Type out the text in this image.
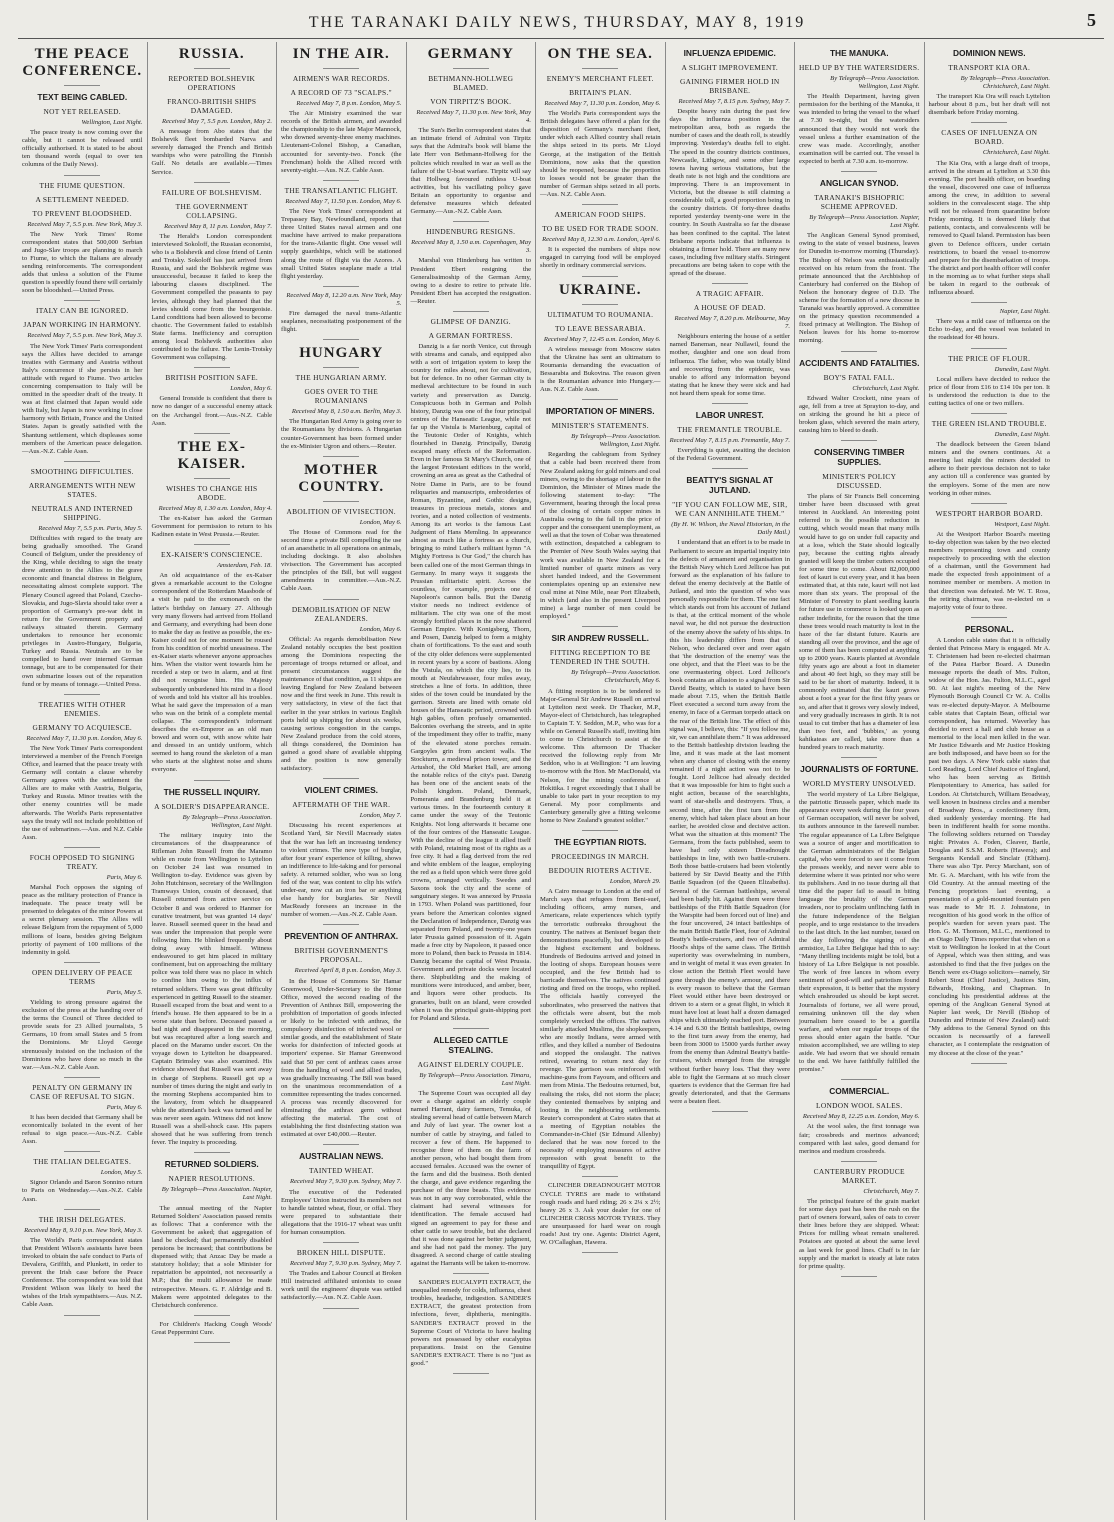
THE TARANAKI DAILY NEWS, THURSDAY, MAY 8, 1919	5
THE PEACE CONFERENCE.
TEXT BEING CABLED.
NOT YET RELEASED.
Wellington, Last Night.

The peace treaty is now coming over the cable, but it cannot be released until officially authorised. It is stated to be about ten thousand words (equal to over ten columns of the Daily News).

THE FIUME QUESTION.
A SETTLEMENT NEEDED.
TO PREVENT BLOODSHED.
Received May 7, 5.5 p.m. New York, May 3.

The New York Times' Rome correspondent states that 500,000 Serbian and Jugo-Slav troops are planning to march to Fiume, to which the Italians are already sending reinforcements. The correspondent adds that unless a solution of the Fiume question is speedily found there will certainly soon be bloodshed.—United Press.

ITALY CAN BE IGNORED.
JAPAN WORKING IN HARMONY.
Received May 7, 5.5 p.m. New York, May 3.

The New York Times' Paris correspondent says the Allies have decided to arrange treaties with Germany and Austria without Italy's concurrence if she persists in her attitude with regard to Fiume. Two articles concerning compensation to Italy will be omitted in the speedier draft of the treaty. It was at first claimed that Japan would side with Italy, but Japan is now working in close harmony with Britain, France and the United States. Japan is greatly satisfied with the Shantung settlement, which displeases some members of the American peace delegation.—Aus.-N.Z. Cable Assn.

SMOOTHING DIFFICULTIES.
ARRANGEMENTS WITH NEW STATES.
NEUTRALS AND INTERNED SHIPPING.
Received May 7, 5.5 p.m. Paris, May 5.

Difficulties with regard to the treaty are being gradually smoothed. The Grand Council of Belgium, under the presidency of the King, while deciding to sign the treaty drew attention to the Allies to the grave economic and financial distress in Belgium, necessitating almost complete support. The Plenary Council agreed that Poland, Czecho-Slovakia, and Jugo-Slavia should take over a proportion of Germany's pre-war debt in return for the Government property and railways situated therein. Germany undertakes to renounce her economic privileges in Austro-Hungary, Bulgaria, Turkey and Russia. Neutrals are to be compelled to hand over interned German tonnage, but are to be compensated for their own submarine losses out of the reparation fund or by means of tonnage.—United Press.

TREATIES WITH OTHER ENEMIES.
GERMANY TO ACQUIESCE.
Received May 7, 11.30 p.m. London, May 6.

The New York Times' Paris correspondent interviewed a member of the French Foreign Office, and learned that the peace treaty with Germany will contain a clause whereby Germany agrees with the settlement the Allies are to make with Austria, Bulgaria, Turkey and Russia. Minor treaties with the other enemy countries will be made afterwards. The World's Paris representative says the treaty will not include prohibition of the use of submarines.—Aus. and N.Z. Cable Assn.

FOCH OPPOSED TO SIGNING TREATY.
Paris, May 6.

Marshal Foch opposes the signing of peace as the military protection of France is inadequate. The peace treaty will be presented to delegates of the minor Powers at a secret plenary session. The Allies will release Belgium from the repayment of 5,000 millions of loans, besides giving Belgium priority of payment of 100 millions of the indemnity in gold.

OPEN DELIVERY OF PEACE TERMS
Paris, May 5.

Yielding to strong pressure against the exclusion of the press at the handing over of the terms the Council of Three decided to provide seats for 23 Allied journalists, 5 Germans, 10 from small States and 5 from the Dominions. Mr Lloyd George strenuously insisted on the inclusion of the Dominions who have done so much in the war.—Aus.-N.Z. Cable Assn.

PENALTY ON GERMANY IN CASE OF REFUSAL TO SIGN.
Paris, May 6.

It has been decided that Germany shall be economically isolated in the event of her refusal to sign peace.—Aus.-N.Z. Cable Assn.

THE ITALIAN DELEGATES.
London, May 5.

Signor Orlando and Baron Sonnino return to Paris on Wednesday.—Aus.-N.Z. Cable Assn.

THE IRISH DELEGATES.
Received May 8, 9.10 p.m. New York, May 3.

The World's Paris correspondent states that President Wilson's assistants have been invoked to obtain the safe conduct to Paris of Devalera, Griffith, and Plunkett, in order to prevent the Irish case before the Peace Conference. The correspondent was told that President Wilson was likely to heed the wishes of the Irish sympathisers.—Aus. N.Z. Cable Assn.

RUSSIA.
REPORTED BOLSHEVIK OPERATIONS
FRANCO-BRITISH SHIPS DAMAGED.
Received May 7, 5.5 p.m. London, May 2.

A message from Abo states that the Bolshevik fleet bombarded Narva and severely damaged the French and British warships who were patrolling the Finnish Gulf. No details are available.—Times Service.

FAILURE OF BOLSHEVISM.
THE GOVERNMENT COLLAPSING.
Received May 8, 11 p.m. London, May 7.

The Herald's London correspondent interviewed Sokoloff, the Russian economist, who is a Bolshevik and close friend of Lenin and Trotsky. Sokoloff has just arrived from Russia, and said the Bolshevik regime was unsuccessful, because it failed to keep the labouring classes disciplined. The Government compelled the peasants to pay levies, although they had planned that the levies should come from the bourgeoisie. Land conditions had been allowed to become chaotic. The Government failed to establish State farms. Inefficiency and corruption among local Bolshevik authorities also contributed to the failure. The Lenin-Trotsky Government was collapsing.

BRITISH POSITION SAFE.
London, May 6.

General Ironside is confident that there is now no danger of a successful enemy attack on the Archangel front.—Aus.-N.Z. Cable Assn.

THE EX-KAISER.
WISHES TO CHANGE HIS ABODE.
Received May 8, 1.30 a.m. London, May 4.

The ex-Kaiser has asked the German Government for permission to return to his Kadinen estate in West Prussia.—Reuter.

EX-KAISER'S CONSCIENCE.
Amsterdam, Feb. 18.

An old acquaintance of the ex-Kaiser gives a remarkable account to the Cologne correspondent of the Rotterdam Maasbode of a visit he paid to the exmonarch on the latter's birthday on January 27. Although very many flowers had arrived from Holland and Germany, and everything had been done to make the day as festive as possible, the ex-Kaiser could not for one moment be roused from his condition of morbid uneasiness. The ex-Kaiser starts whenever anyone approaches him. When the visitor went towards him he receded a step or two in alarm, and at first did not recognise him. His Majesty subsequently unburdened his mind in a flood of words and told his visitor all his troubles. What he said gave the impression of a man who was on the brink of a complete mental collapse. The correspondent's informant describes the ex-Emperor as an old man bowed and worn out, with snow white hair and dressed in an untidy uniform, which seemed to hang round the skeleton of a man who starts at the slightest noise and shuns everyone.

THE RUSSELL INQUIRY.
A SOLDIER'S DISAPPEARANCE.
By Telegraph—Press Association. Wellington, Last Night.

The military inquiry into the circumstances of the disappearance of Rifleman John Russell from the Maramo while en route from Wellington to Lyttelton on October 24 last was resumed in Wellington to-day. Evidence was given by John Hutchinson, secretary of the Wellington Tramways Union, cousin of deceased, that Russell returned from active service on October 8 and was ordered to Hanmer for curative treatment, but was granted 14 days' leave. Russell seemed queer in the head and was under the impression that people were following him. He blinked frequently about doing away with himself. Witness endeavoured to get him placed in military confinement, but on approaching the military police was told there was no place in which to confine him owing to the influx of returned soldiers. There was great difficulty experienced in getting Russell to the steamer. Russell escaped from the boat and went to a friend's house. He then appeared to be in a worse state than before. Deceased passed a bad night and disappeared in the morning, but was recaptured after a long search and placed on the Maramo under escort. On the voyage down to Lyttelton he disappeared. Captain Brimsley was also examined. His evidence showed that Russell was sent away in charge of Stephens. Russell got up a number of times during the night and early in the morning Stephens accompanied him to the lavatory, from which he disappeared while the attendant's back was turned and he was never seen again. Witness did not know Russell was a shell-shock case. His papers showed that he was suffering from trench fever. The inquiry is proceeding.

RETURNED SOLDIERS.
NAPIER RESOLUTIONS.
By Telegraph—Press Association. Napier, Last Night.

The annual meeting of the Napier Returned Soldiers' Association passed remits as follows: That a conference with the Government be asked; that aggregation of land be checked; that permanently disabled pensions be increased; that contributions be dispensed with; that Anzac Day be made a statutory holiday; that a sole Minister for repatriation be appointed, not necessarily a M.P.; that the multi allowance be made retrospective. Messrs. G. F. Aldridge and B. Makem were appointed delegates to the Christchurch conference.

For Children's Hacking Cough Woods' Great Peppermint Cure.

IN THE AIR.
AIRMEN'S WAR RECORDS.
A RECORD OF 73 "SCALPS."
Received May 7, 8 p.m. London, May 5.

The Air Ministry examined the war records of the British airmen, and awarded the championship to the late Major Mannock, who downed seventy-three enemy machines. Lieutenant-Colonel Bishop, a Canadian, accounted for seventy-two. Fonck (the Frenchman) holds the Allied record with seventy-eight.—Aus. N.Z. Cable Assn.

THE TRANSATLANTIC FLIGHT.
Received May 7, 11.50 p.m. London, May 6.

The New York Times' correspondent at Trepassey Bay, Newfoundland, reports that three United States naval airmen and one machine have arrived to make preparations for the trans-Atlantic flight. One vessel will supply guardships, which will be stationed along the route of flight via the Azores. A small United States seaplane made a trial flight yesterday.

Received May 8, 12.20 a.m. New York, May 5.

Fire damaged the naval trans-Atlantic seaplanes, necessitating postponement of the flight.

HUNGARY
THE HUNGARIAN ARMY.
GOES OVER TO THE ROUMANIANS
Received May 8, 1.50 a.m. Berlin, May 3.

The Hungarian Red Army is going over to the Roumanians by divisions. A Hungarian counter-Government has been formed under the ex-Minister Ugron and others.—Reuter.

MOTHER COUNTRY.
ABOLITION OF VIVISECTION.
London, May 6.

The House of Commons read for the second time a private Bill compelling the use of an anaesthetic in all operations on animals, including dockings. It also abolishes vivisection. The Government has accepted the principles of the Bill, but will suggest amendments in committee.—Aus.-N.Z. Cable Assn.

DEMOBILISATION OF NEW ZEALANDERS.
London, May 6.

Official: As regards demobilisation New Zealand notably occupies the best position among the Dominions respecting the percentage of troops returned or afloat, and present circumstances suggest the maintenance of that condition, as 11 ships are leaving England for New Zealand between now and the first week in June. This result is very satisfactory, in view of the fact that earlier in the year strikes in various English ports held up shipping for about six weeks, causing serious congestion in the camps. New Zealand produce from the cold stores, all things considered, the Dominion has gained a good share of available shipping and the position is now generally satisfactory.

VIOLENT CRIMES.
AFTERMATH OF THE WAR.
London, May 7.

Discussing his recent experiences at Scotland Yard, Sir Nevill Macready states that the war has left an increasing tendency to violent crimes. The new type of burglar, after four years' experience of killing, shows an indifference to life-taking and for personal safety. A returned soldier, who was so long fed of the war, was content to clip his wife's under-ear, now cut an iron bar or anything else handy for burglaries. Sir Nevill MacReady foresees an increase in the number of women.—Aus.-N.Z. Cable Assn.

PREVENTION OF ANTHRAX.
BRITISH GOVERNMENT'S PROPOSAL.
Received April 8, 8 p.m. London, May 3.

In the House of Commons Sir Hamar Greenwood, Under-Secretary to the Home Office, moved the second reading of the Prevention of Anthrax Bill, empowering the prohibition of importation of goods infected or likely to be infected with anthrax, the compulsory disinfection of infected wool or similar goods, and the establishment of State works for disinfection of infected goods at importers' expense. Sir Hamar Greenwood said that 50 per cent of anthrax cases arose from the handling of wool and allied trades, was gradually increasing. The Bill was based on the unanimous recommendation of a committee representing the trades concerned. A process was recently discovered for eliminating the anthrax germ without affecting the material. The cost of establishing the first disinfecting station was estimated at over £40,000.—Reuter.

AUSTRALIAN NEWS.
TAINTED WHEAT.
Received May 7, 9.30 p.m. Sydney, May 7.

The executive of the Federated Employees' Union instructed its members not to handle tainted wheat, flour, or offal. They were prepared to substantiate their allegations that the 1916-17 wheat was unfit for human consumption.

BROKEN HILL DISPUTE.
Received May 7, 9.30 p.m. Sydney, May 7.

The Trades and Labour Council at Broken Hill instructed affiliated unionists to cease work until the engineers' dispute was settled satisfactorily.—Aus. N.Z. Cable Assn.

GERMANY
BETHMANN-HOLLWEG BLAMED.
VON TIRPITZ'S BOOK.
Received May 7, 11.30 p.m. New York, May 4.

The Sun's Berlin correspondent states that an intimate friend of Admiral von Tirpitz says that the Admiral's book will blame the late Herr von Bethmann-Hollweg for the policies which resulted in war as well as the failure of the U-boat warfare. Tirpitz will say that Hollweg favoured ruthless U-boat activities, but his vacillating policy gave Britain an opportunity to organise and defensive measures which defeated Germany.—Aus.-N.Z. Cable Assn.

HINDENBURG RESIGNS.
Received May 8, 1.50 a.m. Copenhagen, May 3.

Marshal von Hindenburg has written to President Ebert resigning the Generalissimoship of the German Army, owing to a desire to retire to private life. President Ebert has accepted the resignation.—Reuter.

GLIMPSE OF DANZIG.
A GERMAN FORTRESS.

Danzig is a far north Venice, cut through with streams and canals, and equipped also with a sort of irrigation system to keep the country for miles about, not for cultivation, but for defence. In no other German city is medieval architecture to be found in such variety and preservation as Danzig. Conspicuous both in German and Polish history, Danzig was one of the four principal centres of the Hanseatic League, while not far up the Vistula is Marienburg, capital of the Teutonic Order of Knights, which flourished in Danzig. Principally, Danzig escaped many effects of the Reformation. Even in her famous St Mary's Church, one of the largest Protestant edifices in the world, crowning an area as great as the Cathedral of Notre Dame in Paris, are to be found reliquaries and manuscripts, embroideries of Roman, Byzantine, and Gothic designs, treasures in precious metals, stones and ivories, and a noted collection of vestments. Among its art works is the famous Last Judgment of Hans Memling. In appearance almost as much like a fortress as a church, bringing to mind Luther's militant hymn "A Mighty Fortress is Our God," the church has been called one of the most German things in Germany. In many ways it suggests the Prussian militaristic spirit. Across the countless, for example, projects one of Napoleon's cannon balls. But the Danzig visitor needs no indirect evidence of militarism. The city was one of the most strongly fortified places in the now shattered German Empire. With Konigsberg, Thorn, and Posen, Danzig helped to form a mighty chain of fortifications. To the east and south of the city older defences were supplemented in recent years by a score of bastions. Along the Vistula, on which the city lies, to its mouth at Neufahrwasser, four miles away, stretches a line of forts. In addition, three sides of the town could be inundated by the garrison. Streets are lined with ornate old houses of the Hanseatic period, crowned with high gables, often profusely ornamented. Balconies overhang the streets, and in spite of the impediment they offer to traffic, many of the elevated stone porches remain. Gargoyles grin from ancient walls. The Stockturm, a medieval prison tower, and the Artushof, the Old Market Hall, are among the notable relics of the city's past. Danzig has been one of the ancient seats of the Polish kingdom. Poland, Denmark, Pomerania and Brandenburg held it at various times. In the fourteenth century it came under the sway of the Teutonic Knights. Not long afterwards it became one of the four centres of the Hanseatic League. With the decline of the league it allied itself with Poland, retaining most of its rights as a free city. It had a flag derived from the red and white emblem of the league, employing the red as a field upon which were three gold crowns, arranged vertically. Swedes and Saxons took the city and the scene of sanguinary sieges. It was annexed by Prussia in 1793. When Poland was partitioned, four years before the American colonies signed the Declaration of Independence, Danzig was separated from Poland, and twenty-one years later Prussia gained possession of it. Again made a free city by Napoleon, it passed once more to Poland, then back to Prussia in 1814. Danzig became the capital of West Prussia. Government and private docks were located there. Shipbuilding and the making of munitions were introduced, and amber, beer, and liquors were other products. Its granaries, built on an island, were crowded when it was the principal grain-shipping port for Poland and Silesia.

ALLEGED CATTLE STEALING.
AGAINST ELDERLY COUPLE.
By Telegraph—Press Association. Timaru, Last Night.

The Supreme Court was occupied all day over a charge against an elderly couple named Harrant, dairy farmers, Temuka, of stealing several head of cattle between March and July of last year. The owner lost a number of cattle by straying, and failed to recover a few of them. He happened to recognise three of them on the farm of another person, who had bought them from accused females. Accused was the owner of the farm and did the business. Both denied the charge, and gave evidence regarding the purchase of the three beasts. This evidence was not in any way corroborated, while the claimant had several witnesses for identification. The female accused had signed an agreement to pay for these and other cattle to save trouble, but she declared that it was done against her better judgment, and she had not paid the money. The jury disagreed. A second charge of cattle stealing against the Harrants will be taken to-morrow.

SANDER'S EUCALYPTI EXTRACT, the unequalled remedy for colds, influenza, chest troubles, headache, indigestion. SANDER'S EXTRACT, the greatest protection from infections, fever, diphtheria, meningitis. SANDER'S EXTRACT proved in the Supreme Court of Victoria to have healing powers not possessed by other eucalyptus preparations. Insist on the Genuine SANDER'S EXTRACT. There is no "just as good."

ON THE SEA.
ENEMY'S MERCHANT FLEET.
BRITAIN'S PLAN.
Received May 7, 11.30 p.m. London, May 6.

The World's Paris correspondent says the British delegates have offered a plan for the disposition of Germany's merchant fleet, under which each Allied country shall retain the ships seized in its ports. Mr Lloyd George, at the instigation of the British Dominions, now asks that the question should be reopened, because the proportion to losses would not be greater than the number of German ships seized in all ports.—Aus. N.Z. Cable Assn.

AMERICAN FOOD SHIPS.
TO BE USED FOR TRADE SOON.
Received May 8, 12.30 a.m. London, April 6.

It is expected the numbers of ships now engaged in carrying food will be employed shortly in ordinary commercial services.

UKRAINE.
ULTIMATUM TO ROUMANIA.
TO LEAVE BESSARABIA.
Received May 7, 12.45 a.m. London, May 6.

A wireless message from Moscow states that the Ukraine has sent an ultimatum to Roumania demanding the evacuation of Bessarabia and Bukovina. The reason given is the Roumanian advance into Hungary.—Aus. N.Z. Cable Assn.

IMPORTATION OF MINERS.
MINISTER'S STATEMENTS.
By Telegraph—Press Association. Wellington, Last Night.

Regarding the cablegram from Sydney that a cable had been received there from New Zealand asking for gold miners and coal miners, owing to the shortage of labour in the Dominion, the Minister of Mines made the following statement to-day: "The Government, hearing through the local press of the closing of certain copper mines in Australia owing to the fall in the price of copper and the consequent unemployment, as well as that the town of Cobar was threatened with extinction, despatched a cablegram to the Premier of New South Wales saying that work was available in New Zealand for a limited number of quartz miners as very short handed indeed, and the Government contemplates opening up an extensive new coal mine at Nine Mile, near Port Elizabeth, in which (and also in the present Liverpool mine) a large number of men could be employed."

SIR ANDREW RUSSELL.
FITTING RECEPTION TO BE TENDERED IN THE SOUTH.
By Telegraph—Press Association. Christchurch, May 6.

A fitting reception is to be tendered to Major-General Sir Andrew Russell on arrival at Lyttelton next week. Dr Thacker, M.P., Mayor-elect of Christchurch, has telegraphed to Captain T. Y. Seddon, M.P., who was for a while on General Russell's staff, inviting him to come to Christchurch to assist at the welcome. This afternoon Dr Thacker received the following reply from Mr Seddon, who is at Wellington: "I am leaving to-morrow with the Hon. Mr MacDonald, via Nelson, for the mining conference at Hokitika. I regret exceedingly that I shall be unable to take part in your reception to my General. My poor compliments and Canterbury generally give a fitting welcome home to New Zealand's greatest soldier."

THE EGYPTIAN RIOTS.
PROCEEDINGS IN MARCH.
BEDOUIN RIOTERS ACTIVE.
London, March 29.

A Cairo message to London at the end of March says that refugees from Beni-suef, including officers, army nurses, and Americans, relate experiences which typify the terroristic outbreaks throughout the country. The natives at Benisuef began their demonstrations peacefully, but developed to the highest excitement and boldness. Hundreds of Bedouins arrived and joined in the looting of shops. European houses were occupied, and the few British had to barricade themselves. The natives continued rioting and fired on the troops, who replied. The officials hastily conveyed the subordinates, who preserved the natives that the officials were absent, but the mob completely wrecked the offices. The natives similarly attacked Muslims, the shopkeepers, who are mostly Indians, were armed with rifles, and they killed a number of Bedouins and stopped the onslaught. The natives retired, swearing to return next day for revenge. The garrison was reinforced with machine-guns from Fayoum, and officers and men from Minia. The Bedouins returned, but, realising the risks, did not storm the place; they contented themselves by sniping and looting in the neighbouring settlements. Reuter's correspondent at Cairo states that at a meeting of Egyptian notables the Commander-in-Chief (Sir Edmund Allenby) declared that he was now forced to the necessity of employing measures of active repression with great benefit to the tranquillity of Egypt.

CLINCHER DREADNOUGHT MOTOR CYCLE TYRES are made to withstand rough roads and hard riding; 26 x 2¼ x 2½; heavy 26 x 3. Ask your dealer for one of CLINCHER CROSS MOTOR TYRES. They are unsurpassed for hard wear on rough roads! Just try one. Agents: District Agent, W. O'Callaghan, Hawera.

INFLUENZA EPIDEMIC.
A SLIGHT IMPROVEMENT.
GAINING FIRMER HOLD IN BRISBANE.
Received May 7, 8.15 p.m. Sydney, May 7.

Despite heavy rain during the past few days the influenza position in the metropolitan area, both as regards the number of cases and the death roll, is steadily improving. Yesterday's deaths fell to eight. The speed in the country districts continues, Newcastle, Lithgow, and some other large towns having serious visitations, but the death rate is not high and the conditions are improving. There is an improvement in Victoria, but the disease is still claiming a considerable toll, a good proportion being in the country districts. Of forty-three deaths reported yesterday twenty-one were in the country. In South Australia so far the disease has been confined to the capital. The latest Brisbane reports indicate that influenza is obtaining a firmer hold. There are many new cases, including five military staffs. Stringent precautions are being taken to cope with the spread of the disease.

A TRAGIC AFFAIR.
A HOUSE OF DEAD.
Received May 7, 8.20 p.m. Melbourne, May 7.

Neighbours entering the house of a settler named Baneman, near Nullawil, found the mother, daughter and one son dead from influenza. The father, who was totally blind and recovering from the epidemic, was unable to afford any information beyond stating that he knew they were sick and had not heard them speak for some time.

LABOR UNREST.
THE FREMANTLE TROUBLE.
Received May 7, 8.15 p.m. Fremantle, May 7.

Everything is quiet, awaiting the decision of the Federal Government.

BEATTY'S SIGNAL AT JUTLAND.
"IF YOU CAN FOLLOW ME, SIR, WE CAN ANNIHILATE THEM."
(By H. W. Wilson, the Naval Historian, in the Daily Mail.)

I understand that an effort is to be made in Parliament to secure an impartial inquiry into the defects of armament and organisation in the British Navy which Lord Jellicoe has put forward as the explanation of his failure to defeat the enemy decisively at the Battle of Jutland, and into the question of who was personally responsible for them. The one fact which stands out from his account of Jutland is that, at the critical moment of the whole naval war, he did not pursue the destruction of the enemy above the safety of his ships. In this his leadership differs from that of Nelson, who declared over and over again that 'the destruction of the enemy' was the one object, and that the Fleet was to be the one overmastering object. Lord Jellicoe's book contains an allusion to a signal from Sir David Beatty, which is stated to have been made about 7.15, when the British Battle Fleet executed a second turn away from the enemy, in face of a German torpedo attack on the rear of the British line. The effect of this signal was, I believe, this: "If you follow me, sir, we can annihilate them." It was addressed to the British battleship division leading the line, and it was made at the last moment when any chance of closing with the enemy remained if a night action was not to be fought. Lord Jellicoe had already decided that it was impossible for him to fight such a night action, because of the searchlights, want of star-shells and destroyers. Thus, a second time, after the first turn from the enemy, which had taken place about an hour earlier, he avoided close and decisive action. What was the situation at this moment? The Germans, from the facts published, seem to have had only sixteen Dreadnought battleships in line, with two battle-cruisers. Both those battle-cruisers had been violently battered by Sir David Beatty and the Fifth Battle Squadron (of the Queen Elizabeths). Several of the German battleships, several had been badly hit. Against them were three battleships of the Fifth Battle Squadron (for the Warspite had been forced out of line) and the four uncovered, 24 intact battleships of the main British Battle Fleet, four of Admiral Beatty's battle-cruisers, and two of Admiral Hood's ships of the same class. The British superiority was overwhelming in numbers, and in weight of metal it was even greater. In close action the British Fleet would have gone through the enemy's armour, and there is every reason to believe that the German Fleet would either have been destroyed or driven to a stern or a great flight, in which it must have lost at least half a dozen damaged ships which ultimately reached port. Between 4.14 and 6.30 the British battleships, owing to the first turn away from the enemy, had been from 3000 to 15000 yards further away from the enemy than Admiral Beatty's battle-cruisers, which emerged from the struggle without further heavy loss. That they were able to fight the Germans at so much closer quarters is evidence that the German fire had greatly deteriorated, and that the Germans were a beaten fleet.

THE MANUKA.
HELD UP BY THE WATERSIDERS.
By Telegraph—Press Association. Wellington, Last Night.

The Health Department, having given permission for the berthing of the Manuka, it was intended to bring the vessel to the wharf at 7.30 to-night, but the watersiders announced that they would not work the vessel unless a further examination of the crew was made. Accordingly, another examination will be carried out. The vessel is expected to berth at 7.30 a.m. to-morrow.

ANGLICAN SYNOD.
TARANAKI'S BISHOPRIC SCHEME APPROVED.
By Telegraph—Press Association. Napier, Last Night.

The Anglican General Synod promised, owing to the state of vessel business, leaves for Dunedin to-morrow morning (Thursday). The Bishop of Nelson was enthusiastically received on his return from the front. The primate announced that the Archbishop of Canterbury had conferred on the Bishop of Nelson the honorary degree of D.D. The scheme for the formation of a new diocese in Taranaki was heartily approved. A committee on the primacy question recommended a fixed primacy at Wellington. The Bishop of Nelson leaves for his home to-morrow morning.

ACCIDENTS AND FATALITIES.
BOY'S FATAL FALL.
Christchurch, Last Night.

Edward Walter Crockett, nine years of age, fell from a tree at Sprayton to-day, and on striking the ground he hit a piece of broken glass, which severed the main artery, causing him to bleed to death.

CONSERVING TIMBER SUPPLIES.
MINISTER'S POLICY DISCUSSED.

The plans of Sir Francis Bell concerning timber have been discussed with great interest in Auckland. An interesting point referred to is the possible reduction in cutting, which would mean that many mills would have to go on under full capacity and at a loss, which the State should logically pay, because the cutting rights already granted will keep the timber cutters occupied for some time to come. About 82,000,000 feet of kauri is cut every year, and it has been estimated that, at this rate, kauri will not last more than six years. The proposal of the Minister of Forestry to plant seedling kauris for future use in commerce is looked upon as rather indefinite, for the reason that the time these trees would reach maturity is lost in the haze of the far distant future. Kauris are standing all over the province, and the age of some of them has been computed at anything up to 2000 years. Kauris planted at Avondale fifty years ago are about a foot in diameter and about 40 feet high, so they may still be said to be far short of maturity. Indeed, it is commonly estimated that the kauri grows about a foot a year for the first fifty years or so, and after that it grows very slowly indeed, and very gradually increases in girth. It is not usual to cut timber that has a diameter of less than two feet, and 'bubbies,' as young kahikateas are called, take more than a hundred years to reach maturity.

JOURNALISTS OF FORTUNE.
WORLD MYSTERY UNSOLVED.

The world mystery of La Libre Belgique, the patriotic Brussels paper, which made its appearance every week during the four years of German occupation, will never be solved, its authors announce in the farewell number. The regular appearance of La Libre Belgique was a source of anger and mortification to the German administrators of the Belgian capital, who were forced to see it come from the presses weekly, and never were able to determine where it was printed nor who were its publishers. And in no issue during all that time did the paper fail to assail in biting language the brutality of the German invaders, nor to proclaim unflinching faith in the future independence of the Belgian people, and to urge resistance to the invaders to the last ditch. In the last number, issued on the day following the signing of the armistice, La Libre Belgique had this to say: "Many thrilling incidents might be told, but a history of La Libre Belgique is not possible. The work of free lances in whom every sentiment of good-will and patriotism found their expression, it is better that the mystery which enshrouded us should be kept secret. Journalists of fortune, we all were proud, remaining unknown till the day when journalism here ceased to be a guerilla warfare, and when our regular troops of the press should enter again the battle. "Our mission accomplished, we are willing to step aside. We had sworn that we should remain to the end. We have faithfully fulfilled the promise."

COMMERCIAL.
LONDON WOOL SALES.
Received May 8, 12.25 a.m. London, May 6.

At the wool sales, the first tonnage was fair; crossbreds and merinos advanced; compared with last sales, good demand for merinos and medium crossbreds.

CANTERBURY PRODUCE MARKET.
Christchurch, May 7.

The principal feature of the grain market for some days past has been the rush on the part of owners forward, sales of oats to cover their lines before they are shipped. Wheat: Prices for milling wheat remain unaltered. Potatoes are quoted at about the same level as last week for good lines. Chaff is in fair supply and the market is steady at late rates for prime quality.

DOMINION NEWS.
TRANSPORT KIA ORA.
By Telegraph—Press Association. Christchurch, Last Night.

The transport Kia Ora will reach Lyttelton harbour about 8 p.m., but her draft will not disembark before Friday morning.

CASES OF INFLUENZA ON BOARD.
Christchurch, Last Night.

The Kia Ora, with a large draft of troops, arrived in the stream at Lyttelton at 3.30 this evening. The port health officer, on boarding the vessel, discovered one case of influenza among the crew, in addition to several soldiers in the convalescent stage. The ship will not be released from quarantine before Friday morning. It is deemed likely that patients, contacts, and convalescents will be removed to Quail Island. Permission has been given to Defence officers, under certain restrictions, to board the vessel to-morrow and prepare for the disembarkation of troops. The district and port health officer will confer in the morning as to what further steps shall be taken in regard to the outbreak of influenza aboard.

Napier, Last Night.

There was a mild case of influenza on the Echo to-day, and the vessel was isolated in the roadstead for 48 hours.

THE PRICE OF FLOUR.
Dunedin, Last Night.

Local millers have decided to reduce the price of flour from £16 to £14 10s per ton. It is understood the reduction is due to the cutting tactics of one or two millers.

THE GREEN ISLAND TROUBLE.
Dunedin, Last Night.

The deadlock between the Green Island miners and the owners continues. At a meeting last night the miners decided to adhere to their previous decision not to take any action till a conference was granted by the employers. Some of the men are now working in other mines.

WESTPORT HARBOR BOARD.
Westport, Last Night.

At the Westport Harbor Board's meeting to-day objection was taken by the two elected members representing town and county respectively to proceeding with the election of a chairman, until the Government had made the expected fresh appointment of a nominee member or members. A motion in that direction was defeated. Mr W. T. Ross, the retiring chairman, was re-elected on a majority vote of four to three.

PERSONAL.

A London cable states that it is officially denied that Princess Mary is engaged. Mr A. T. Christensen had been re-elected chairman of the Patea Harbor Board. A Dunedin message reports the death of Mrs. Fulton, widow of the Hon. Jas. Fulton, M.L.C., aged 90. At last night's meeting of the New Plymouth Borough Council Cr W. A. Collis was re-elected deputy-Mayor. A Melbourne cable states that Captain Bean, official war correspondent, has returned. Waverley has decided to erect a hall and club house as a memorial to the local men killed in the war. Mr Justice Edwards and Mr Justice Hosking are both indisposed, and have been so for the past two days. A New York cable states that Lord Reading, Lord Chief Justice of England, who has been serving as British Plenipotentiary to America, has sailed for London. At Christchurch, William Broadway, well known in business circles and a member of Broadway Bros., a confectionery firm, died suddenly yesterday morning. He had been in indifferent health for some months. The following soldiers returned on Tuesday night: Privates A. Foden, Cleaver, Bartle, Douglas and S.S.M. Roberts (Hawera); and Sergeants Kendall and Sinclair (Eltham). There was also Tpr. Percy Marchant, son of Mr. G. A. Marchant, with his wife from the Old Country. At the annual meeting of the Fencing proprietors last evening, a presentation of a gold-mounted fountain pen was made to Mr H. J. Johnstone, in recognition of his good work in the office of people's warden for seven years past. The Hon. G. M. Thomson, M.L.C., mentioned to an Otago Daily Times reporter that when on a visit to Wellington he looked in at the Court of Appeal, which was then sitting, and was astonished to find that the five judges on the Bench were ex-Otago solicitors—namely, Sir Robert Stout (Chief Justice), Justices Sim, Edwards, Hosking, and Chapman. In concluding his presidential address at the opening of the Anglican General Synod at Napier last week, Dr Nevill (Bishop of Dunedin and Primate of New Zealand) said: "My address to the General Synod on this occasion is necessarily of a farewell character, as I contemplate the resignation of my diocese at the close of the year."
